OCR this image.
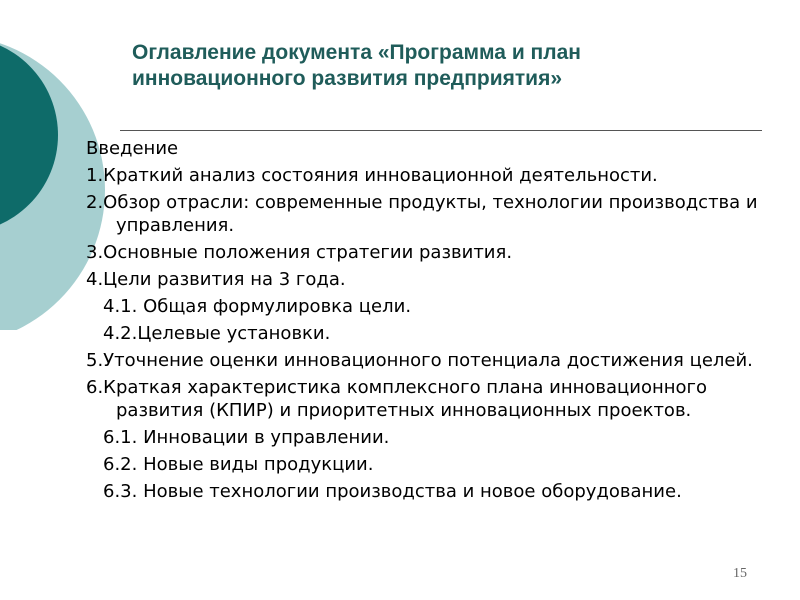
Оглавление документа «Программа и план
инновационного развития предприятия»
Введение
1.Краткий анализ состояния инновационной деятельности.
2.Обзор отрасли: современные продукты, технологии производства и управления.
3.Основные положения стратегии развития.
4.Цели развития на 3 года.
4.1. Общая формулировка цели.
4.2.Целевые установки.
5.Уточнение оценки инновационного потенциала достижения целей.
6.Краткая характеристика комплексного плана инновационного развития (КПИР) и приоритетных инновационных проектов.
6.1. Инновации в управлении.
6.2. Новые виды продукции.
6.3. Новые технологии производства и новое оборудование.
15
